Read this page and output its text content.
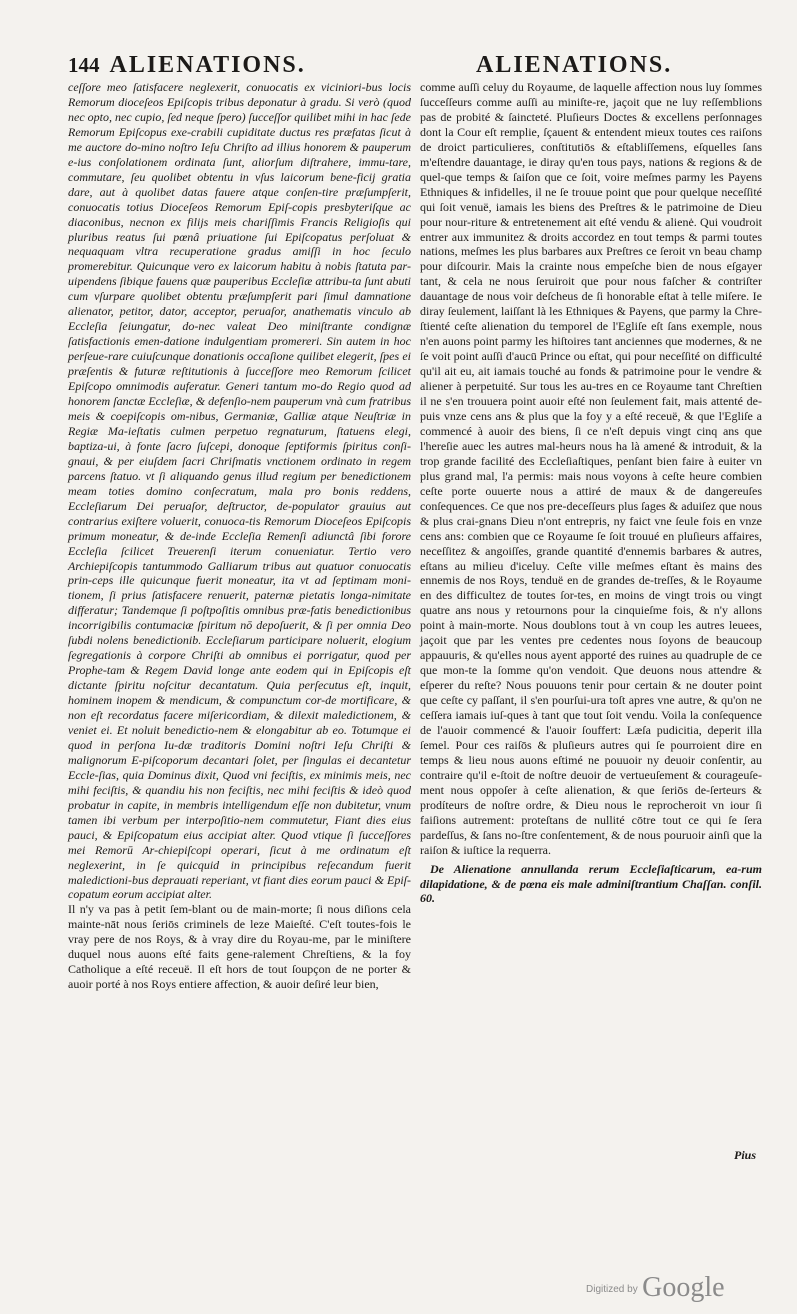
144 ALIENATIONS.	ALIENATIONS.

ceſſore meo ſatisfacere neglexerit, conuocatis ex viciniori-bus locis Remorum dioceſeos Epiſcopis tribus deponatur à gradu. Si verò (quod nec opto, nec cupio, ſed neque ſpero) ſucceſſor quilibet mihi in hac ſede Remorum Epiſcopus exe-crabili cupiditate ductus res præfatas ſicut à me auctore do-mino noſtro Ieſu Chriſto ad illius honorem & pauperum e-ius conſolationem ordinata ſunt, aliorſum diſtrahere, immu-tare, commutare, ſeu quolibet obtentu in vſus laicorum bene-ficij gratia dare, aut à quolibet datas fauere atque conſen-tire præſumpſerit, conuocatis totius Dioceſeos Remorum Epiſ-copis presbyteriſque ac diaconibus, necnon ex filijs meis chariſſimis Francis Religioſis qui pluribus reatus ſui pœnâ priuatione ſui Epiſcopatus perſoluat & nequaquam vltra recuperatione gradus amiſſi in hoc ſeculo promerebitur. Quicunque vero ex laicorum habitu à nobis ſtatuta par-uipendens ſibique fauens quæ pauperibus Eccleſiæ attribu-ta ſunt abuti cum vſurpare quolibet obtentu præſumpſerit pari ſimul damnatione alienator, petitor, dator, acceptor, peruaſor, anathematis vinculo ab Eccleſia ſeiungatur, do-nec valeat Deo miniſtrante condignæ ſatisfactionis emen-datione indulgentiam promereri. Sin autem in hoc perſeue-rare cuiuſcunque donationis occaſione quilibet elegerit, ſpes ei præſentis & futuræ reſtitutionis à ſucceſſore meo Remorum ſcilicet Epiſcopo omnimodis auferatur. Generi tantum mo-do Regio quod ad honorem ſanctæ Eccleſiæ, & defenſio-nem pauperum vnà cum fratribus meis & coepiſcopis om-nibus, Germaniæ, Galliæ atque Neuſtriæ in Regiæ Ma-ieſtatis culmen perpetuo regnaturum, ſtatuens elegi, baptiza-ui, à fonte ſacro ſuſcepi, donoque ſeptiformis ſpiritus conſi-gnaui, & per eiuſdem ſacri Chriſmatis vnctionem ordinato in regem parcens ſtatuo. vt ſi aliquando genus illud regium per benedictionem meam toties domino conſecratum, mala pro bonis reddens, Eccleſiarum Dei peruaſor, deſtructor, de-populator grauius aut contrarius exiſtere voluerit, conuoca-tis Remorum Dioceſeos Epiſcopis primum moneatur, & de-inde Eccleſia Remenſi adiunctâ ſibi forore Eccleſia ſcilicet Treuerenſi iterum conueniatur. Tertio vero Archiepiſcopis tantummodo Galliarum tribus aut quatuor conuocatis prin-ceps ille quicunque fuerit moneatur, ita vt ad ſeptimam moni-tionem, ſi prius ſatisfacere renuerit, paternæ pietatis longa-nimitate differatur; Tandemque ſi poſtpoſitis omnibus præ-fatis benedictionibus incorrigibilis contumaciæ ſpiritum nō depoſuerit, & ſi per omnia Deo ſubdi nolens benedictionib. Eccleſiarum participare noluerit, elogium ſegregationis à corpore Chriſti ab omnibus ei porrigatur, quod per Prophe-tam & Regem David longe ante eodem qui in Epiſcopis eſt dictante ſpiritu noſcitur decantatum. Quia perſecutus eſt, inquit, hominem inopem & mendicum, & compunctum cor-de mortificare, & non eſt recordatus facere miſericordiam, & dilexit maledictionem, & veniet ei. Et noluit benedictio-nem & elongabitur ab eo. Totumque ei quod in perſona Iu-dæ traditoris Domini noſtri Ieſu Chriſti & malignorum E-piſcoporum decantari ſolet, per ſingulas ei decantetur Eccle-ſias, quia Dominus dixit, Quod vni feciſtis, ex minimis meis, nec mihi feciſtis, & quandiu his non feciſtis, nec mihi feciſtis & ideò quod probatur in capite, in membris intelligendum eſſe non dubitetur, vnum tamen ibi verbum per interpoſitio-nem commutetur, Fiant dies eius pauci, & Epiſcopatum eius accipiat alter. Quod vtique ſi ſucceſſores mei Remorū Ar-chiepiſcopi operari, ſicut à me ordinatum eſt neglexerint, in ſe quicquid in principibus reſecandum fuerit maledictioni-bus deprauati reperiant, vt fiant dies eorum pauci & Epiſ-copatum eorum accipiat alter.

Il n'y va pas à petit ſem-blant ou de main-morte; ſi nous diſions cela mainte-nāt nous ſeriōs criminels de leze Maieſté. C'eſt toutes-fois le vray pere de nos Roys, & à vray dire du Royau-me, par le miniſtere duquel nous auons eſté faits gene-ralement Chreſtiens, & la foy Catholique a eſté receuë. Il eſt hors de tout ſoupçon de ne porter & auoir porté à nos Roys entiere affection, & auoir deſiré leur bien,

comme auſſi celuy du Royaume, de laquelle affection nous luy ſommes ſucceſſeurs comme auſſi au miniſte-re, jaçoit que ne luy reſſemblions pas de probité & ſaincteté. Pluſieurs Doctes & excellens perſonnages dont la Cour eſt remplie, ſçauent & entendent mieux toutes ces raiſons de droict particulieres, conſtitutiōs & eſtabliſſemens, eſquelles ſans m'eſtendre dauantage, ie diray qu'en tous pays, nations & regions & de quel-que temps & ſaiſon que ce ſoit, voire meſmes parmy les Payens Ethniques & infidelles, il ne ſe trouue point que pour quelque neceſſité qui ſoit venuë, iamais les biens des Preſtres & le patrimoine de Dieu pour nour-riture & entretenement ait eſté vendu & alienė. Qui voudroit entrer aux immunitez & droits accordez en tout temps & parmi toutes nations, meſmes les plus barbares aux Preſtres ce ſeroit vn beau champ pour diſcourir. Mais la crainte nous empeſche bien de nous eſgayer tant, & cela ne nous ſeruiroit que pour nous faſcher & contriſter dauantage de nous voir deſcheus de ſi honorable eſtat à telle miſere. Ie diray ſeulement, laiſſant là les Ethniques & Payens, que parmy la Chre-ſtienté ceſte alienation du temporel de l'Egliſe eſt ſans exemple, nous n'en auons point parmy les hiſtoires tant anciennes que modernes, & ne ſe voit point auſſi d'aucū Prince ou eſtat, qui pour neceſſité on difficulté qu'il ait eu, ait iamais touché au fonds & patrimoine pour le vendre & aliener à perpetuité. Sur tous les au-tres en ce Royaume tant Chreſtien il ne s'en trouuera point auoir eſté non ſeulement fait, mais attenté de-puis vnze cens ans & plus que la foy y a eſté receuë, & que l'Egliſe a commencé à auoir des biens, ſi ce n'eſt depuis vingt cinq ans que l'hereſie auec les autres mal-heurs nous ha là amené & introduit, & la trop grande facilité des Eccleſiaſtiques, penſant bien faire à euiter vn plus grand mal, l'a permis: mais nous voyons à ceſte heure combien ceſte porte ouuerte nous a attiré de maux & de dangereuſes conſequences. Ce que nos pre-deceſſeurs plus ſages & aduiſez que nous & plus crai-gnans Dieu n'ont entrepris, ny faict vne ſeule fois en vnze cens ans: combien que ce Royaume ſe ſoit trouué en pluſieurs affaires, neceſſitez & angoiſſes, grande quantité d'ennemis barbares & autres, eſtans au milieu d'iceluy. Ceſte ville meſmes eſtant ès mains des ennemis de nos Roys, tenduë en de grandes de-treſſes, & le Royaume en des difficultez de toutes ſor-tes, en moins de vingt trois ou vingt quatre ans nous y retournons pour la cinquieſme fois, & n'y allons point à main-morte. Nous doublons tout à vn coup les autres leuees, jaçoit que par les ventes pre cedentes nous ſoyons de beaucoup appauuris, & qu'elles nous ayent apporté des ruines au quadruple de ce que mon-te la ſomme qu'on vendoit. Que deuons nous attendre & eſperer du reſte? Nous pouuons tenir pour certain & ne douter point que ceſte cy paſſant, il s'en pourſui-ura toſt apres vne autre, & qu'on ne ceſſera iamais iuſ-ques à tant que tout ſoit vendu. Voila la conſequence de l'auoir commencé & l'auoir ſouffert: Læſa pudicitia, deperit illa ſemel. Pour ces raiſōs & pluſieurs autres qui ſe pourroient dire en temps & lieu nous auons eſtimé ne pouuoir ny deuoir conſentir, au contraire qu'il e-ſtoit de noſtre deuoir de vertueuſement & courageuſe-ment nous oppoſer à ceſte alienation, & que ſeriōs de-ſerteurs & prodíteurs de noſtre ordre, & Dieu nous le reprocheroit vn iour ſi faiſions autrement: proteſtans de nullité cōtre tout ce qui ſe ſera pardeſſus, & ſans no-ſtre conſentement, & de nous pouruoir ainſi que la raiſon & iuſtice la requerra.

De Alienatione annullanda rerum Eccleſiaſticarum, ea-rum dilapidatione, & de pœna eis male adminiſtrantium Chaſſan. conſil. 60.

Pius
$^{Digitized by}$ Google
